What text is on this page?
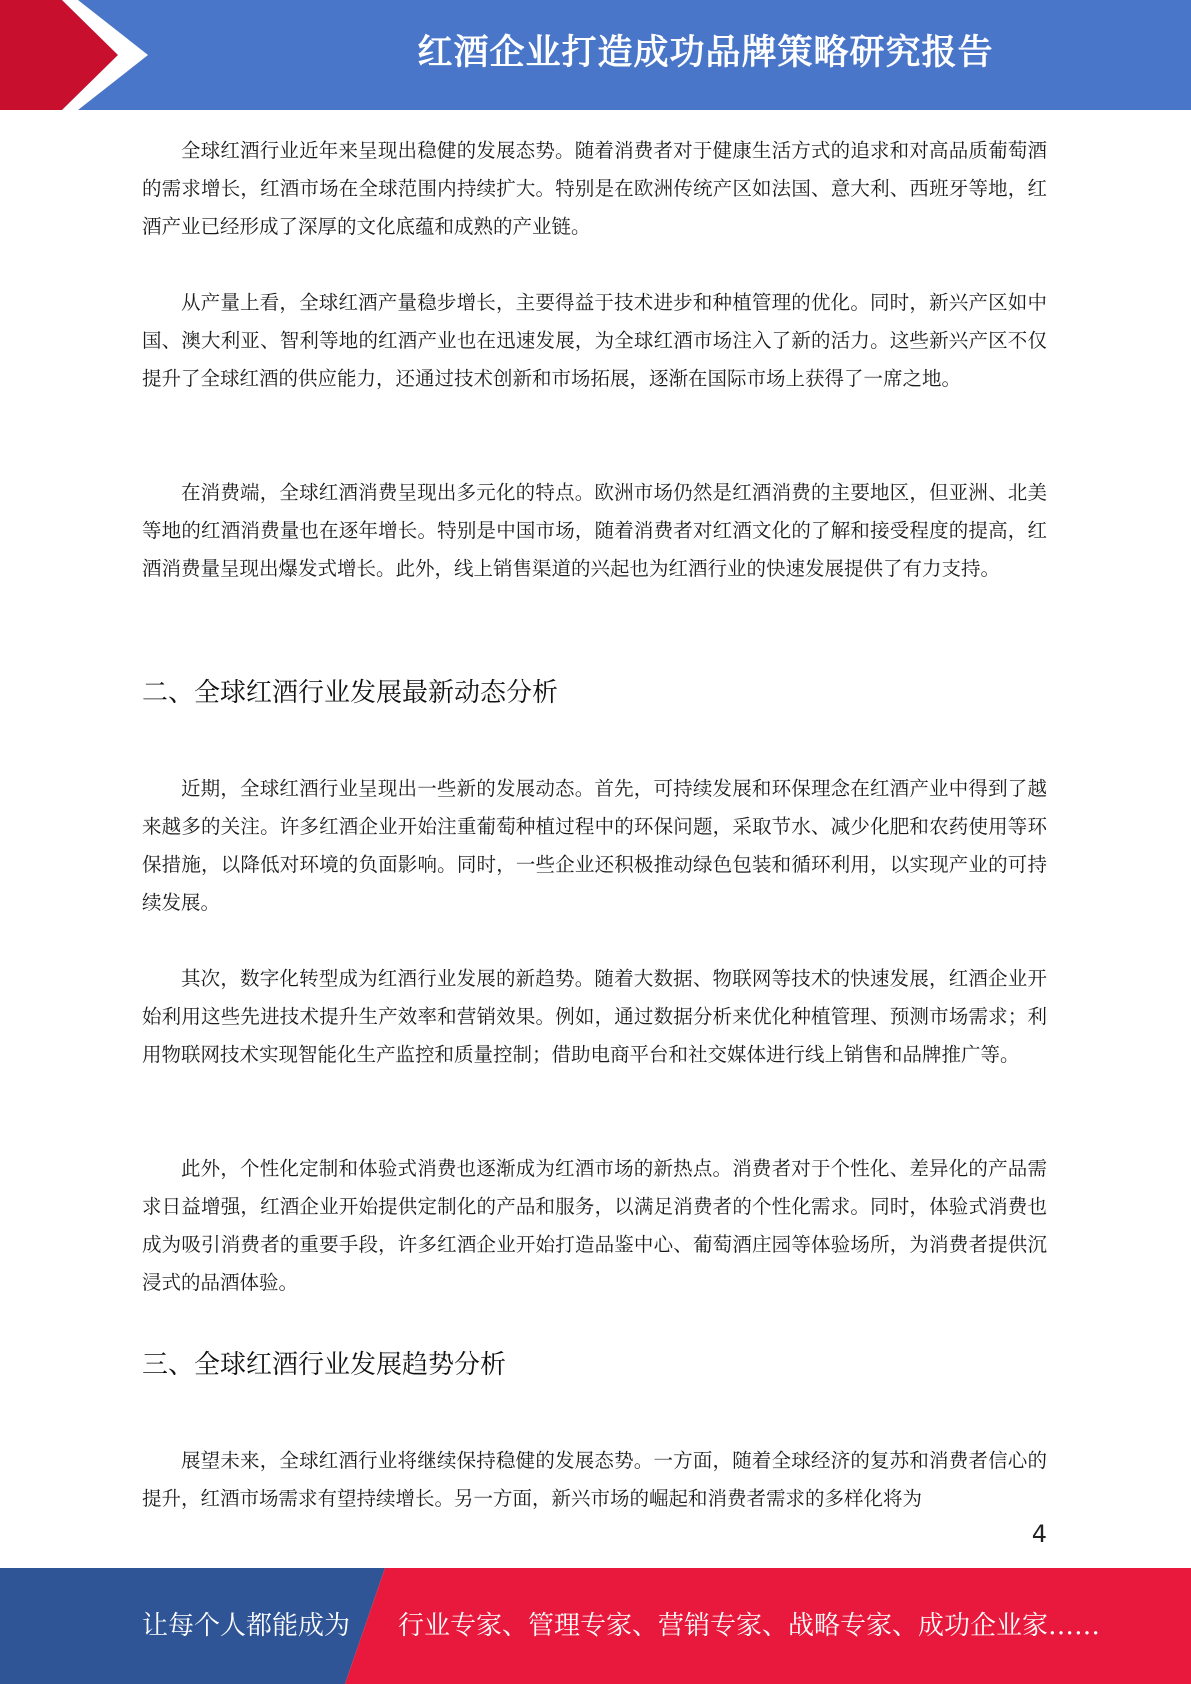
红酒企业打造成功品牌策略研究报告

全球红酒行业近年来呈现出稳健的发展态势。随着消费者对于健康生活方式的追求和对高品质葡萄酒的需求增长，红酒市场在全球范围内持续扩大。特别是在欧洲传统产区如法国、意大利、西班牙等地，红酒产业已经形成了深厚的文化底蕴和成熟的产业链。

从产量上看，全球红酒产量稳步增长，主要得益于技术进步和种植管理的优化。同时，新兴产区如中国、澳大利亚、智利等地的红酒产业也在迅速发展，为全球红酒市场注入了新的活力。这些新兴产区不仅提升了全球红酒的供应能力，还通过技术创新和市场拓展，逐渐在国际市场上获得了一席之地。

在消费端，全球红酒消费呈现出多元化的特点。欧洲市场仍然是红酒消费的主要地区，但亚洲、北美等地的红酒消费量也在逐年增长。特别是中国市场，随着消费者对红酒文化的了解和接受程度的提高，红酒消费量呈现出爆发式增长。此外，线上销售渠道的兴起也为红酒行业的快速发展提供了有力支持。

二、全球红酒行业发展最新动态分析

近期，全球红酒行业呈现出一些新的发展动态。首先，可持续发展和环保理念在红酒产业中得到了越来越多的关注。许多红酒企业开始注重葡萄种植过程中的环保问题，采取节水、减少化肥和农药使用等环保措施，以降低对环境的负面影响。同时，一些企业还积极推动绿色包装和循环利用，以实现产业的可持续发展。

其次，数字化转型成为红酒行业发展的新趋势。随着大数据、物联网等技术的快速发展，红酒企业开始利用这些先进技术提升生产效率和营销效果。例如，通过数据分析来优化种植管理、预测市场需求；利用物联网技术实现智能化生产监控和质量控制；借助电商平台和社交媒体进行线上销售和品牌推广等。

此外，个性化定制和体验式消费也逐渐成为红酒市场的新热点。消费者对于个性化、差异化的产品需求日益增强，红酒企业开始提供定制化的产品和服务，以满足消费者的个性化需求。同时，体验式消费也成为吸引消费者的重要手段，许多红酒企业开始打造品鉴中心、葡萄酒庄园等体验场所，为消费者提供沉浸式的品酒体验。

三、全球红酒行业发展趋势分析

展望未来，全球红酒行业将继续保持稳健的发展态势。一方面，随着全球经济的复苏和消费者信心的提升，红酒市场需求有望持续增长。另一方面，新兴市场的崛起和消费者需求的多样化将为

4
让每个人都能成为 行业专家、管理专家、营销专家、战略专家、成功企业家……
